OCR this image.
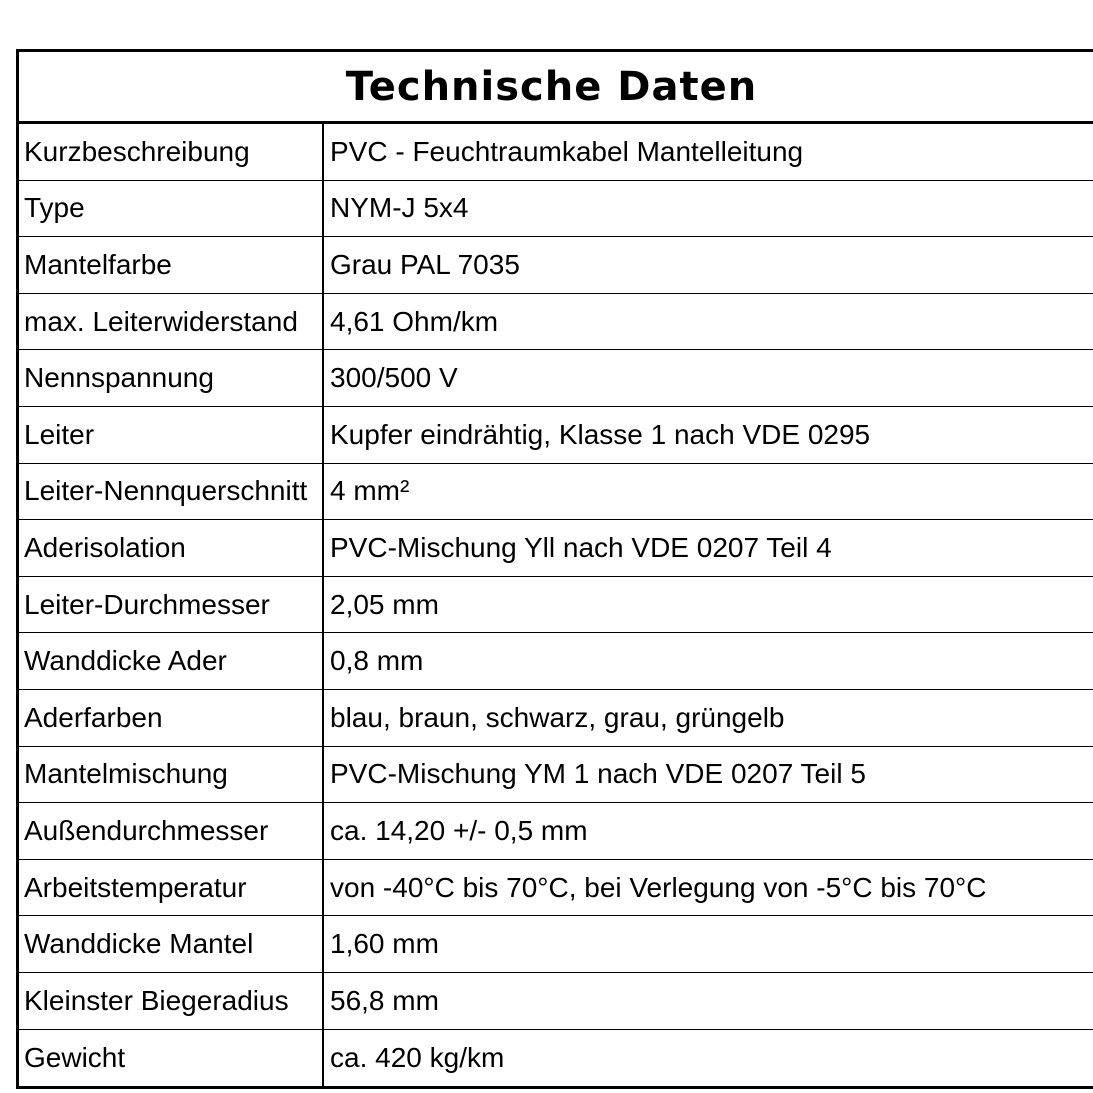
Technische Daten
Kurzbeschreibung	PVC - Feuchtraumkabel Mantelleitung
Type	NYM-J 5x4
Mantelfarbe	Grau PAL 7035
max. Leiterwiderstand	4,61 Ohm/km
Nennspannung	300/500 V
Leiter	Kupfer eindrähtig, Klasse 1 nach VDE 0295
Leiter-Nennquerschnitt 4 mm²
Aderisolation	PVC-Mischung Yll nach VDE 0207 Teil 4
Leiter-Durchmesser	2,05 mm
Wanddicke Ader	0,8 mm
Aderfarben	blau, braun, schwarz, grau, grüngelb
Mantelmischung	PVC-Mischung YM 1 nach VDE 0207 Teil 5
Außendurchmesser	ca. 14,20 +/- 0,5 mm
Arbeitstemperatur	von -40°C bis 70°C, bei Verlegung von -5°C bis 70°C
Wanddicke Mantel	1,60 mm
Kleinster Biegeradius	56,8 mm
Gewicht	ca. 420 kg/km
